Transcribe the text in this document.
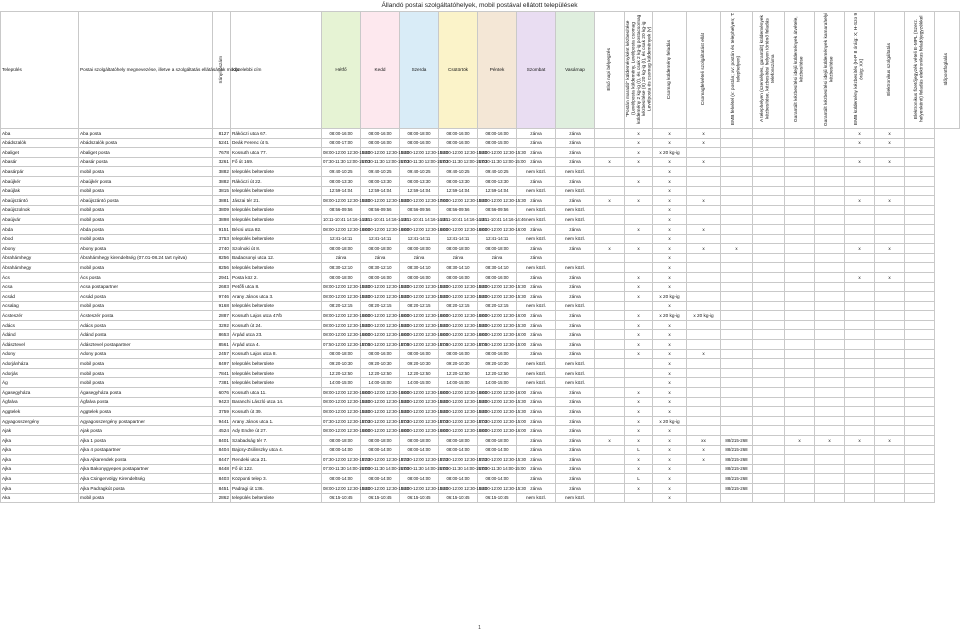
Állandó postai szolgáltatóhelyek, mobil postával ellátott települések
Település	Postai szolgáltatóhely megnevezése, illetve a szolgáltatás ellátásának módja	Irányítószám	Közelebbi cím	Hétfő	Kedd	Szerda	Csütörtök	Péntek	Szombat	Vasárnap	Első napi bélyegzés	"Postán maradó" küldeményként kézbesítése (Levélposta küldemény, Levélposta csomag küldemény 2 kg-ig (I), és csak 2 kg-ig postacsomag kézbesítése (II) 20 kg-ig (I), és csak 20 kg-ig Levélposta és csomag küldemények (v)	Csomag küldemény feladás	Csomagfelvételi szolgáltatást ellát	EMB felvétel (v: postán; xv: postán és telephelyen; T: telephelyen)	A telephelyen (személyes, garantált) küldemények kézbesítése, kézbesítési helyen történő feladás telefonszáma	Garantált kézbesítési idejű küldemények átvétele, kézbesítése	Garantált kézbesítési idejű küldemények kamarahelyi kézbesítése	EMB küldemény kézbesítés (H-P 8 óráig: X; H-Szo 9 óráig: XX)	Elektronikus szolgáltatás	Elektronikus fizetőjegyzék vételi E-MPL (Szerz. helyenkénti) feladás elektronikus feladójegyzékkel	Időpontfoglalás
Aba	Aba posta	8127	Rákóczi utca 67.	08:00-16:00	08:00-16:00	08:00-18:00	08:00-16:00	08:00-16:00	zárva	zárva		x	x	x					x	x		
Abádszalók	Abádszalók posta	5241	Deák Ferenc út 5.	08:00-17:00	08:00-16:00	08:00-16:00	08:00-16:00	08:00-15:00	zárva	zárva		x	x	x					x	x		
Abaliget	Abaliget posta	7678	Kossuth utca 77.	08:00-12:00 12:30-15:30	08:00-12:00 12:30-15:30	08:00-12:00 12:30-15:30	08:00-12:00 12:30-15:30	08:00-12:00 12:30-15:30	zárva	zárva		x	x 20 kg-ig									
Abasár	Abasár posta	3261	Fő út 169.	07:30-11:30 12:00-15:00	07:30-11:30 12:00-15:00	07:30-11:30 12:00-15:00	07:30-11:30 12:00-15:00	07:30-11:30 12:00-15:00	zárva	zárva	x	x	x	x					x	x		
Abasárpár	mobil posta	3882	település belterülete	09:40-10:25	09:40-10:25	09:40-10:25	09:40-10:25	09:40-10:25	nem közl.	nem közl.			x									
Abaújkér	Abaújkér posta	3882	Rákóczi út 22.	08:00-13:30	08:00-13:30	08:00-13:30	08:00-13:30	08:00-13:30	zárva	zárva		x	x									
Abaújlak	mobil posta	3815	település belterülete	12:59-14:04	12:59-14:04	12:59-14:04	12:59-14:04	12:59-14:04	nem közl.	nem közl.			x									
Abaújszántó	Abaújszántó posta	3881	Jászai tér 21.	08:00-12:00 12:30-15:30	08:00-12:00 12:30-15:30	08:00-12:00 12:30-17:00	08:00-12:00 12:30-15:30	08:00-12:00 12:30-15:30	zárva	zárva	x	x	x	x					x	x		
Abaújszolnok	mobil posta	3809	település belterülete	08:56-09:56	08:56-09:56	08:56-09:56	08:56-09:56	08:56-09:56	nem közl.	nem közl.			x									
Abaújvár	mobil posta	3898	település belterülete	10:11-10:41 14:16-14:46	10:11-10:41 14:16-14:46	10:11-10:41 14:16-14:46	10:11-10:41 14:16-14:46	10:11-10:41 14:16-14:46	nem közl.	nem közl.			x									
Abda	Abda posta	9151	Bécsi utca 82.	08:00-12:00 12:30-16:00	08:00-12:00 12:30-16:00	08:00-12:00 12:30-16:00	08:00-12:00 12:30-16:00	08:00-12:00 12:30-16:00	zárva	zárva		x	x	x								
Abod	mobil posta	3753	település belterülete	12:41-14:11	12:41-14:11	12:41-14:11	12:41-14:11	12:41-14:11	nem közl.	nem közl.			x									
Abony	Abony posta	2740	Szolnoki út 8.	08:00-18:00	08:00-18:00	08:00-18:00	08:00-18:00	08:00-18:00	zárva	zárva	x	x	x	x	x				x	x		
Ábrahámhegy	Ábrahámhegy kirendeltség (07.01-08.24 tart nyitva)	8256	Badacsonyi utca 12.	zárva	zárva	zárva	zárva	zárva	zárva				x									
Ábrahámhegy	mobil posta	8256	település belterülete	08:30-12:10	08:30-12:10	08:30-14:10	08:30-14:10	08:30-14:10	nem közl.	nem közl.			x									
Ács	Ács posta	2941	Posta köz 2.	08:00-18:00	08:00-16:00	08:00-16:00	08:00-16:00	08:00-16:00	zárva	zárva		x	x						x	x		
Acsa	Acsa postapartner	2683	Petőfi utca 8.	08:00-12:00 12:30-15:30	08:00-12:00 12:30-15:30	08:00-12:00 12:30-15:30	08:00-12:00 12:30-15:30	08:00-12:00 12:30-15:30	zárva	zárva		x	x									
Acsád	Acsád posta	9746	Arany János utca 3.	08:00-12:00 12:30-15:30	08:00-12:00 12:30-15:30	08:00-12:00 12:30-15:30	08:00-12:00 12:30-15:30	08:00-12:00 12:30-15:30	zárva	zárva		x	x 20 kg-ig									
Acsalag	mobil posta	9168	település belterülete	08:20-12:15	08:20-12:15	08:20-12:15	08:20-12:15	08:20-12:15	nem közl.	nem közl.			x									
Ácsteszér	Ácsteszér posta	2887	Kossuth Lajos utca 47/b	08:00-12:00 12:30-16:00	08:00-12:00 12:30-16:00	08:00-12:00 12:30-16:00	08:00-12:00 12:30-16:00	08:00-12:00 12:30-16:00	zárva	zárva		x	x 20 kg-ig	x 20 kg-ig								
Adács	Adács posta	3292	Kossuth út 24.	08:00-12:00 12:30-15:30	08:00-12:00 12:30-15:30	08:00-12:00 12:30-15:30	08:00-12:00 12:30-15:30	08:00-12:00 12:30-15:30	zárva	zárva		x	x									
Ádánd	Ádánd posta	8653	Árpád utca 23.	08:00-12:00 12:30-16:00	08:00-12:00 12:30-16:00	08:00-12:00 12:30-16:00	08:00-12:00 12:30-16:00	08:00-12:00 12:30-16:00	zárva	zárva		x	x									
Ádásztevel	Ádásztevel postapartner	8561	Árpád utca 4.	07:50-12:00 12:30-15:00	07:50-12:00 12:30-15:00	07:50-12:00 12:30-15:00	07:50-12:00 12:30-15:00	07:50-12:00 12:30-15:00	zárva	zárva		x	x									
Adony	Adony posta	2457	Kossuth Lajos utca 8.	08:00-18:00	08:00-16:00	08:00-16:00	08:00-16:00	08:00-16:00	zárva	zárva		x	x	x								
Adorjánháza	mobil posta	8497	település belterülete	09:20-10:30	09:20-10:30	09:20-10:30	09:20-10:30	09:20-10:30	nem közl.	nem közl.			x									
Adorjás	mobil posta	7841	település belterülete	12:20-12:50	12:20-12:50	12:20-12:50	12:20-12:50	12:20-12:50	nem közl.	nem közl.			x									
Ág	mobil posta	7381	település belterülete	14:00-15:00	14:00-15:00	14:00-15:00	14:00-15:00	14:00-15:00	nem közl.	nem közl.			x									
Ágasegyháza	Ágasegyháza posta	6076	Kossuth utca 11.	08:00-12:00 12:30-16:00	08:00-12:00 12:30-16:00	08:00-12:00 12:30-16:00	08:00-12:00 12:30-16:00	08:00-12:00 12:30-16:00	zárva	zárva		x	x									
Ágfalva	Ágfalva posta	9423	Baranchi László utca 14.	08:00-12:00 12:30-15:30	08:00-12:00 12:30-15:30	08:00-12:00 12:30-15:30	08:00-12:00 12:30-15:30	08:00-12:00 12:30-15:30	zárva	zárva		x	x									
Aggtelek	Aggtelek posta	3759	Kossuth út 39.	08:00-12:00 12:30-15:30	08:00-12:00 12:30-15:30	08:00-12:00 12:30-15:30	08:00-12:00 12:30-15:30	08:00-12:00 12:30-15:30	zárva	zárva		x	x									
Agyagosszergény	Agyagosszergény postapartner	9441	Arany János utca 1.	07:30-12:00 12:30-15:00	07:30-12:00 12:30-15:00	07:30-12:00 12:30-15:00	07:30-12:00 12:30-15:00	07:30-12:00 12:30-15:00	zárva	zárva		x	x 20 kg-ig									
Ajak	Ajak posta	4524	Ady Endre út 27.	08:00-12:00 12:30-16:00	08:00-12:00 12:30-16:00	08:00-12:00 12:30-16:00	08:00-12:00 12:30-16:00	08:00-12:00 12:30-16:00	zárva	zárva		x	x									
Ajka	Ajka 1 posta	8401	Szabadság tér 7.	08:00-18:00	08:00-18:00	08:00-18:00	08:00-18:00	08:00-18:00	zárva	zárva	x	x	x	xx	88/215-268		x	x	x	x		
Ajka	Ajka 4 postapartner	8404	Bajcsy-Zsilinszky utca 4.	08:00-14:00	08:00-14:00	08:00-14:00	08:00-14:00	08:00-14:00	zárva	zárva		L	x	x	88/215-268							
Ajka	Ajka Ajkarendek posta	8447	Rendeki utca 21.	07:30-12:00 12:30-15:30	07:30-12:00 12:30-15:30	07:30-12:00 12:30-15:30	07:30-12:00 12:30-15:30	07:30-12:00 12:30-15:30	zárva	zárva		x	x	x	88/215-268							
Ajka	Ajka Bakonygyepes postapartner	8448	Fő út 122.	07:00-11:30 14:00-15:00	07:00-11:30 14:00-15:00	07:00-11:30 14:00-15:00	07:00-11:30 14:00-15:00	07:00-11:30 14:00-15:00	zárva	zárva		x	x		88/215-268							
Ajka	Ajka Csingervölgy Kirendeltség	8403	Központi telep 3.	08:00-14:00	08:00-14:00	08:00-14:00	08:00-14:00	08:00-14:00	zárva	zárva		L	x		88/215-268							
Ajka	Ajka Padragkút posta	8451	Padragi út 136.	08:00-12:00 12:30-15:30	08:00-12:00 12:30-15:30	08:00-12:00 12:30-15:30	08:00-12:00 12:30-15:30	08:00-12:00 12:30-15:30	zárva	zárva		x	x		88/215-268							
Aka	mobil posta	2862	település belterülete	06:15-10:45	06:15-10:45	06:15-10:45	06:15-10:45	06:15-10:45	nem közl.	nem közl.			x									
1
